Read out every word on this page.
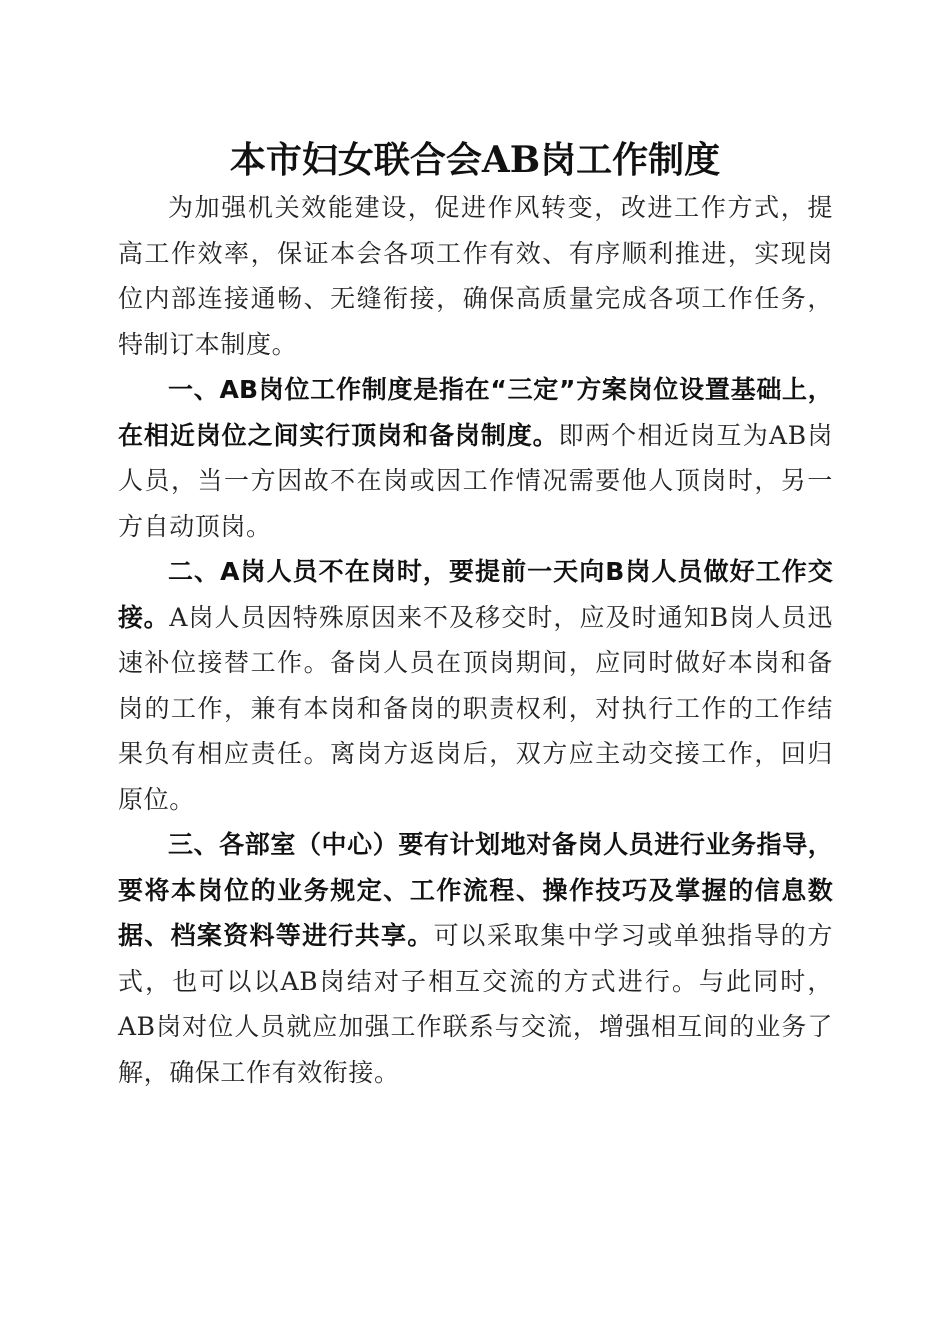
本市妇女联合会AB岗工作制度

为加强机关效能建设，促进作风转变，改进工作方式，提高工作效率，保证本会各项工作有效、有序顺利推进，实现岗位内部连接通畅、无缝衔接，确保高质量完成各项工作任务，特制订本制度。

一、AB岗位工作制度是指在“三定”方案岗位设置基础上，在相近岗位之间实行顶岗和备岗制度。即两个相近岗互为AB岗人员，当一方因故不在岗或因工作情况需要他人顶岗时，另一方自动顶岗。

二、A岗人员不在岗时，要提前一天向B岗人员做好工作交接。A岗人员因特殊原因来不及移交时，应及时通知B岗人员迅速补位接替工作。备岗人员在顶岗期间，应同时做好本岗和备岗的工作，兼有本岗和备岗的职责权利，对执行工作的工作结果负有相应责任。离岗方返岗后，双方应主动交接工作，回归原位。

三、各部室（中心）要有计划地对备岗人员进行业务指导，要将本岗位的业务规定、工作流程、操作技巧及掌握的信息数据、档案资料等进行共享。可以采取集中学习或单独指导的方式，也可以以AB岗结对子相互交流的方式进行。与此同时，AB岗对位人员就应加强工作联系与交流，增强相互间的业务了解，确保工作有效衔接。
